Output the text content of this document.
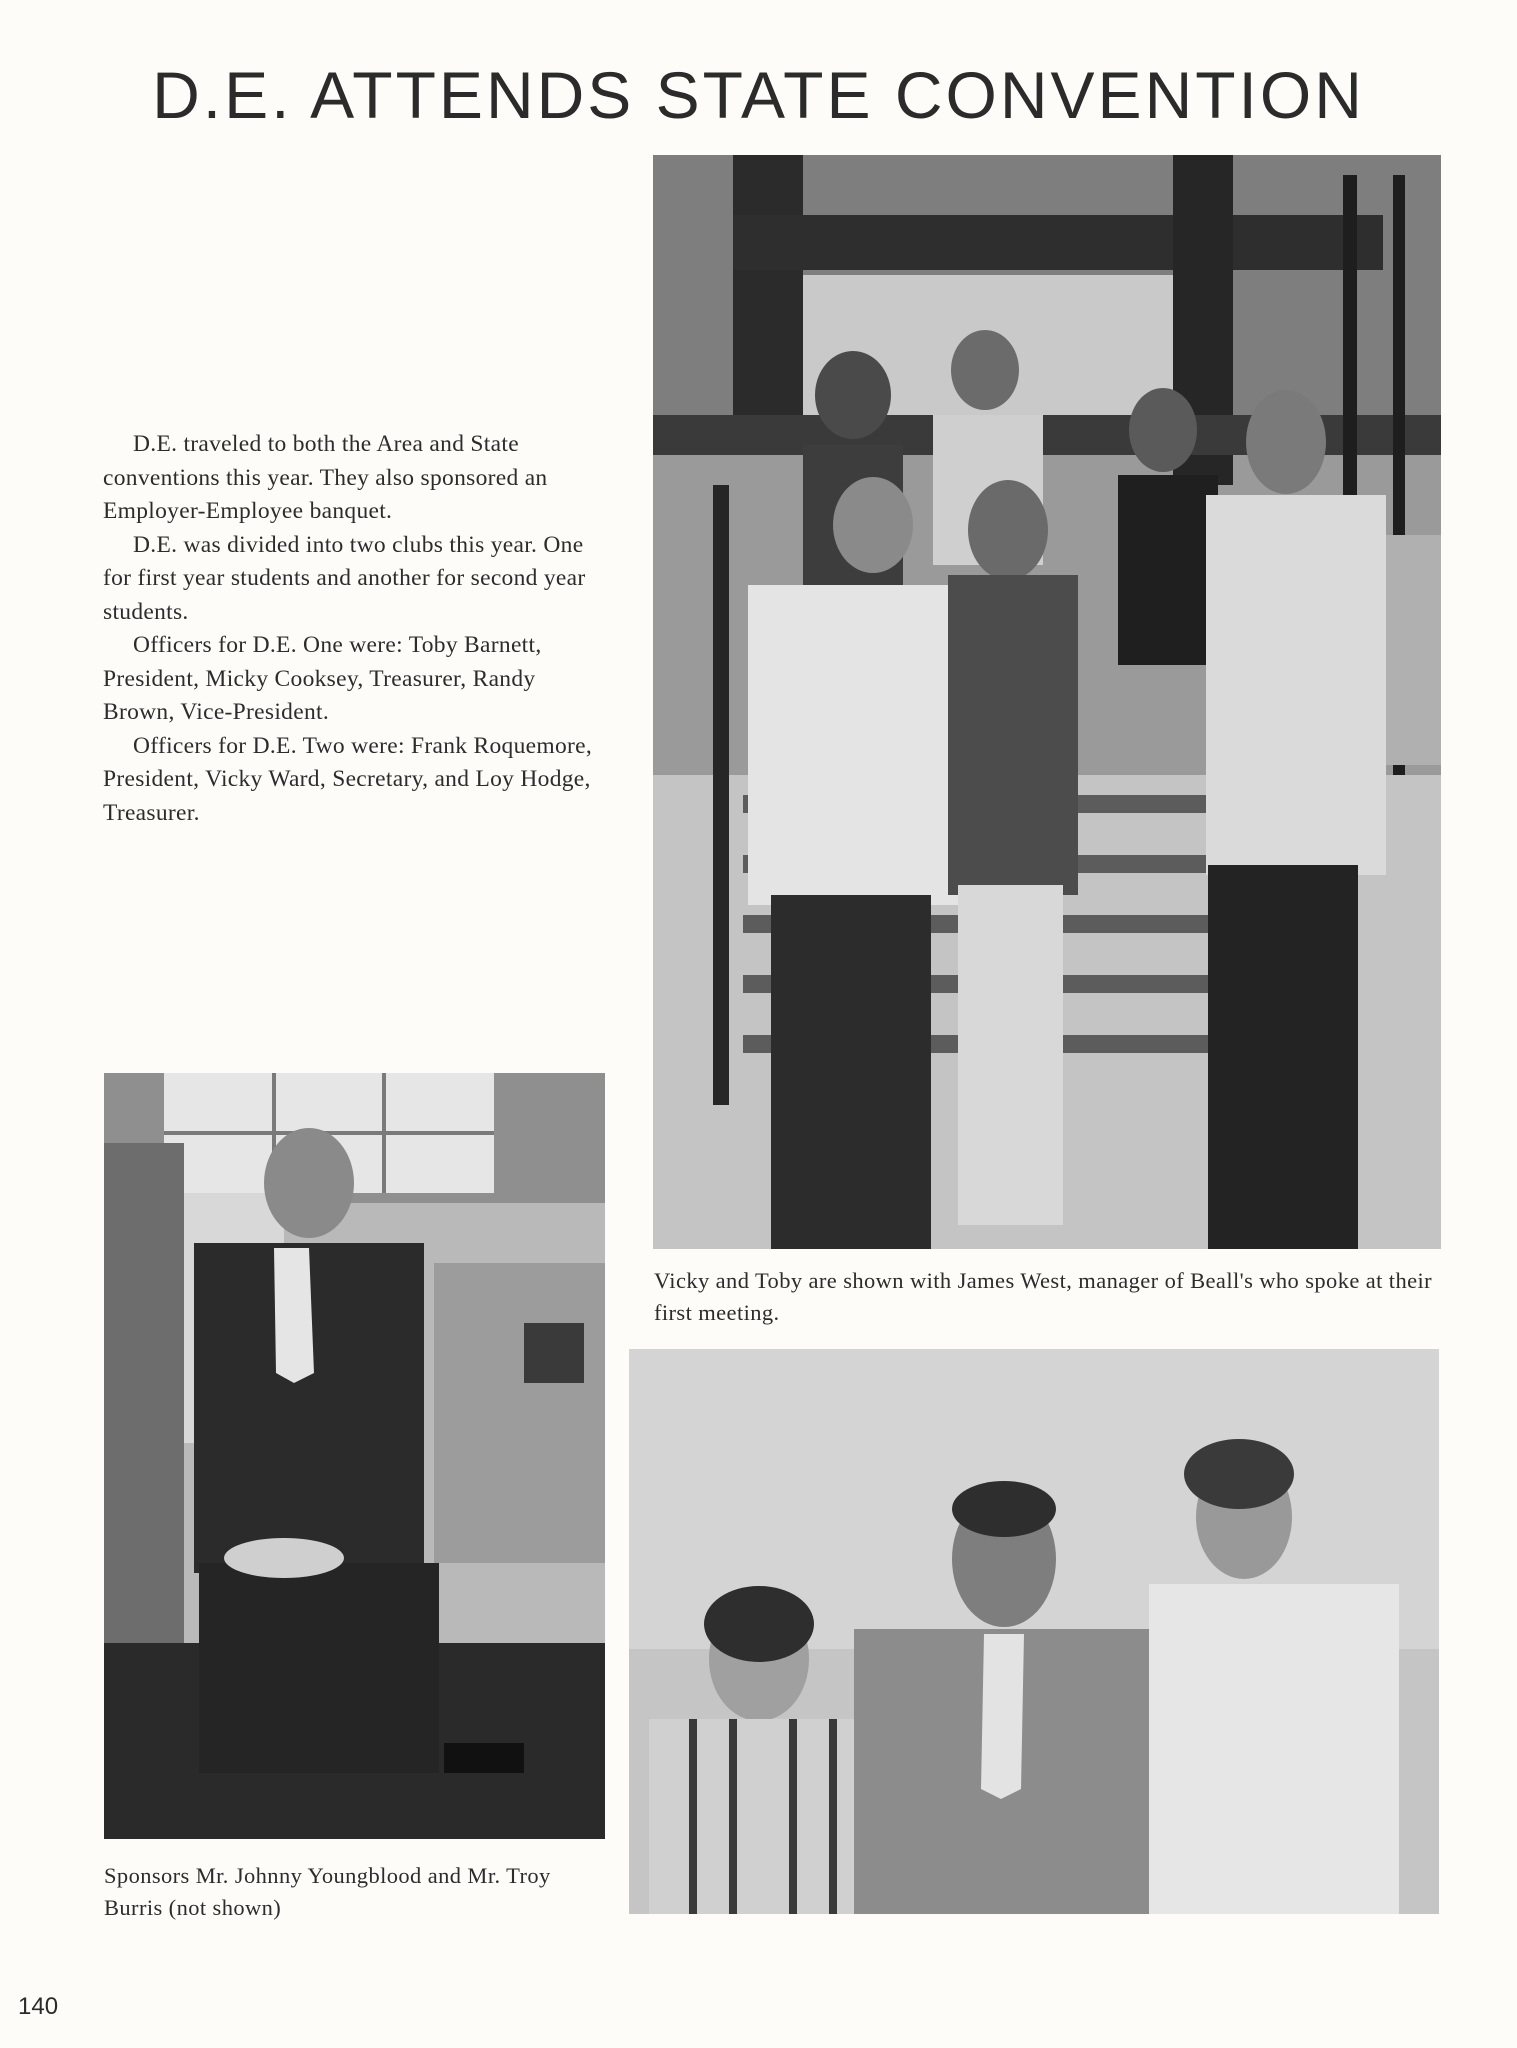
D.E. ATTENDS STATE CONVENTION

D.E. traveled to both the Area and State conventions this year. They also sponsored an Employer-Employee banquet.

D.E. was divided into two clubs this year. One for first year students and another for second year students.

Officers for D.E. One were: Toby Barnett, President, Micky Cooksey, Treasurer, Randy Brown, Vice-President.

Officers for D.E. Two were: Frank Roquemore, President, Vicky Ward, Secretary, and Loy Hodge, Treasurer.

Vicky and Toby are shown with James West, manager of Beall's who spoke at their first meeting.
Sponsors Mr. Johnny Youngblood and Mr. Troy Burris (not shown)
140
